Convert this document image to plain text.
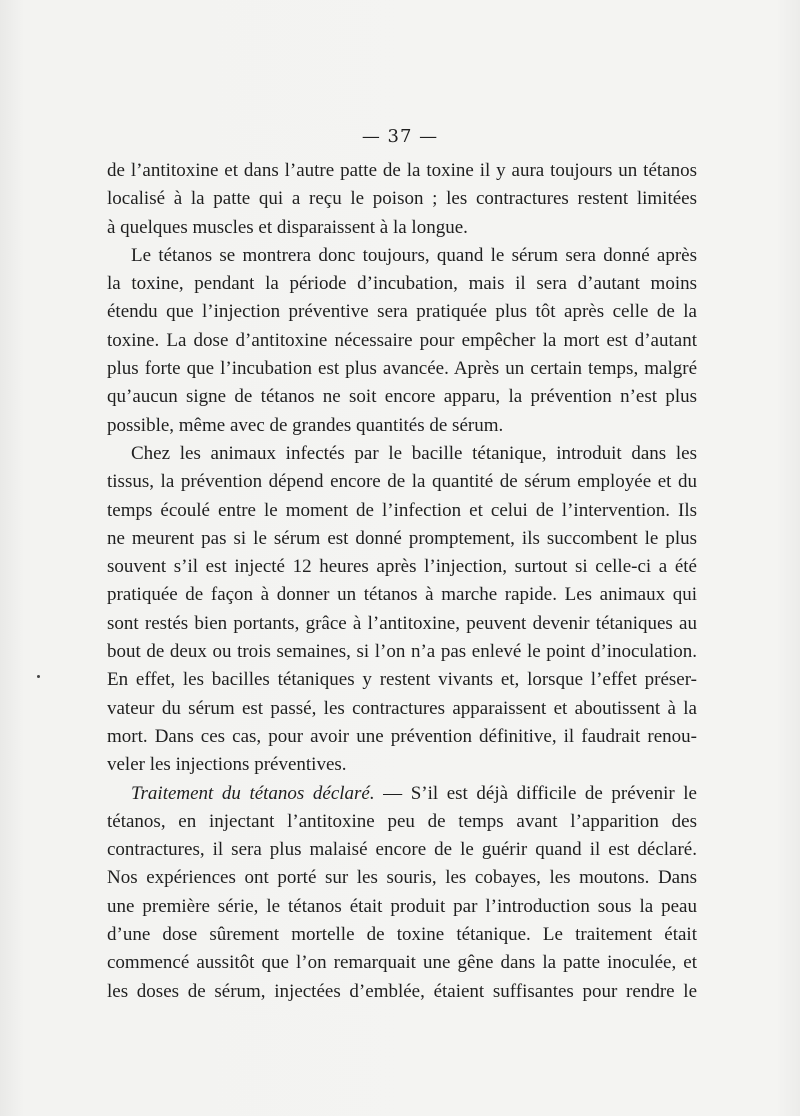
— 37 —
de l’antitoxine et dans l’autre patte de la toxine il y aura toujours un tétanos
localisé à la patte qui a reçu le poison ; les contractures restent limitées
à quelques muscles et disparaissent à la longue.
Le tétanos se montrera donc toujours, quand le sérum sera donné après
la toxine, pendant la période d’incubation, mais il sera d’autant moins
étendu que l’injection préventive sera pratiquée plus tôt après celle de la
toxine. La dose d’antitoxine nécessaire pour empêcher la mort est d’autant
plus forte que l’incubation est plus avancée. Après un certain temps, malgré
qu’aucun signe de tétanos ne soit encore apparu, la prévention n’est plus
possible, même avec de grandes quantités de sérum.
Chez les animaux infectés par le bacille tétanique, introduit dans les
tissus, la prévention dépend encore de la quantité de sérum employée et du
temps écoulé entre le moment de l’infection et celui de l’intervention. Ils
ne meurent pas si le sérum est donné promptement, ils succombent le plus
souvent s’il est injecté 12 heures après l’injection, surtout si celle-ci a été
pratiquée de façon à donner un tétanos à marche rapide. Les animaux qui
sont restés bien portants, grâce à l’antitoxine, peuvent devenir tétaniques au
bout de deux ou trois semaines, si l’on n’a pas enlevé le point d’inoculation.
En effet, les bacilles tétaniques y restent vivants et, lorsque l’effet préser-
vateur du sérum est passé, les contractures apparaissent et aboutissent à la
mort. Dans ces cas, pour avoir une prévention définitive, il faudrait renou-
veler les injections préventives.
Traitement du tétanos déclaré. — S’il est déjà difficile de prévenir le
tétanos, en injectant l’antitoxine peu de temps avant l’apparition des
contractures, il sera plus malaisé encore de le guérir quand il est déclaré.
Nos expériences ont porté sur les souris, les cobayes, les moutons. Dans
une première série, le tétanos était produit par l’introduction sous la peau
d’une dose sûrement mortelle de toxine tétanique. Le traitement était
commencé aussitôt que l’on remarquait une gêne dans la patte inoculée, et
les doses de sérum, injectées d’emblée, étaient suffisantes pour rendre le
